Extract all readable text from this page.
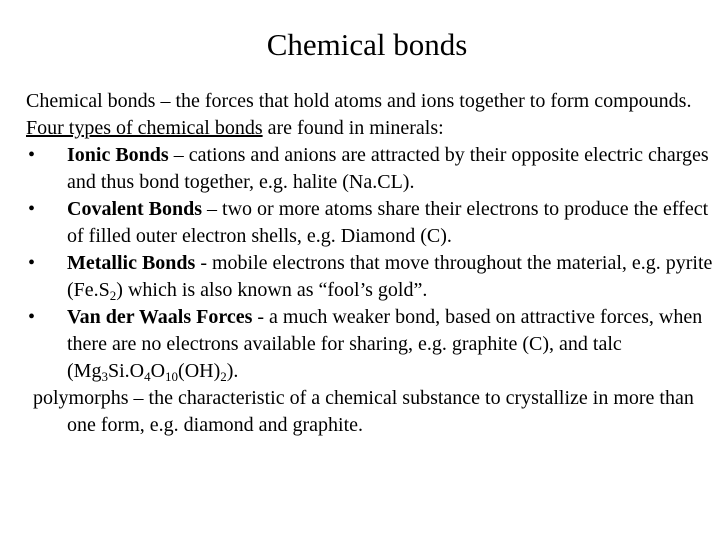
Chemical bonds

Chemical bonds – the forces that hold atoms and ions together to form compounds.

Four types of chemical bonds are found in minerals:

• Ionic Bonds – cations and anions are attracted by their opposite electric charges and thus bond together, e.g. halite (Na.CL).

• Covalent Bonds – two or more atoms share their electrons to produce the effect of filled outer electron shells, e.g. Diamond (C).

• Metallic Bonds - mobile electrons that move throughout the material, e.g. pyrite $(Fe.S_2)$ which is also known as “fool’s gold”.

• Van der Waals Forces - a much weaker bond, based on attractive forces, when there are no electrons available for sharing, e.g. graphite (C), and talc $(Mg_3Si.O_4O_{10}(OH)_2)$.

polymorphs – the characteristic of a chemical substance to crystallize in more than one form, e.g. diamond and graphite.
